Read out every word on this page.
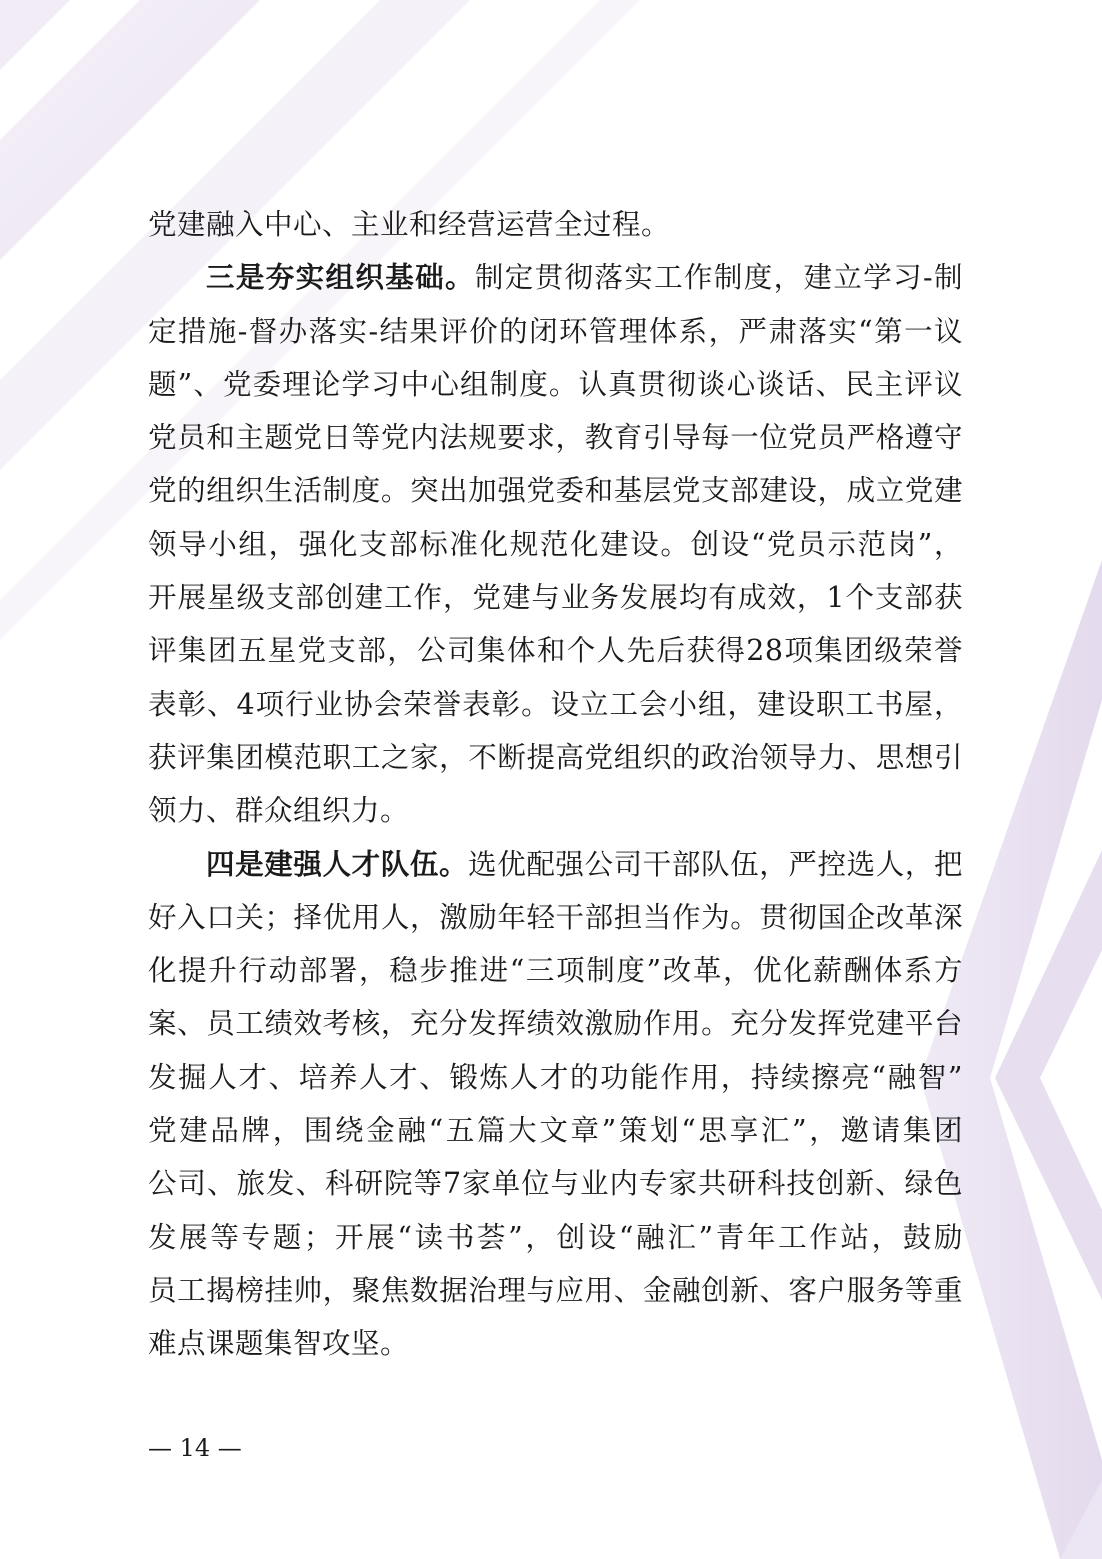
党建融入中心、主业和经营运营全过程。
三是夯实组织基础。制定贯彻落实工作制度，建立学习-制
定措施-督办落实-结果评价的闭环管理体系，严肃落实“第一议
题”、党委理论学习中心组制度。认真贯彻谈心谈话、民主评议
党员和主题党日等党内法规要求，教育引导每一位党员严格遵守
党的组织生活制度。突出加强党委和基层党支部建设，成立党建
领导小组，强化支部标准化规范化建设。创设“党员示范岗”，
开展星级支部创建工作，党建与业务发展均有成效，1个支部获
评集团五星党支部，公司集体和个人先后获得28项集团级荣誉
表彰、4项行业协会荣誉表彰。设立工会小组，建设职工书屋，
获评集团模范职工之家，不断提高党组织的政治领导力、思想引
领力、群众组织力。
四是建强人才队伍。选优配强公司干部队伍，严控选人，把
好入口关；择优用人，激励年轻干部担当作为。贯彻国企改革深
化提升行动部署，稳步推进“三项制度”改革，优化薪酬体系方
案、员工绩效考核，充分发挥绩效激励作用。充分发挥党建平台
发掘人才、培养人才、锻炼人才的功能作用，持续擦亮“融智”
党建品牌，围绕金融“五篇大文章”策划“思享汇”，邀请集团
公司、旅发、科研院等7家单位与业内专家共研科技创新、绿色
发展等专题；开展“读书荟”，创设“融汇”青年工作站，鼓励
员工揭榜挂帅，聚焦数据治理与应用、金融创新、客户服务等重
难点课题集智攻坚。
— 14 —
